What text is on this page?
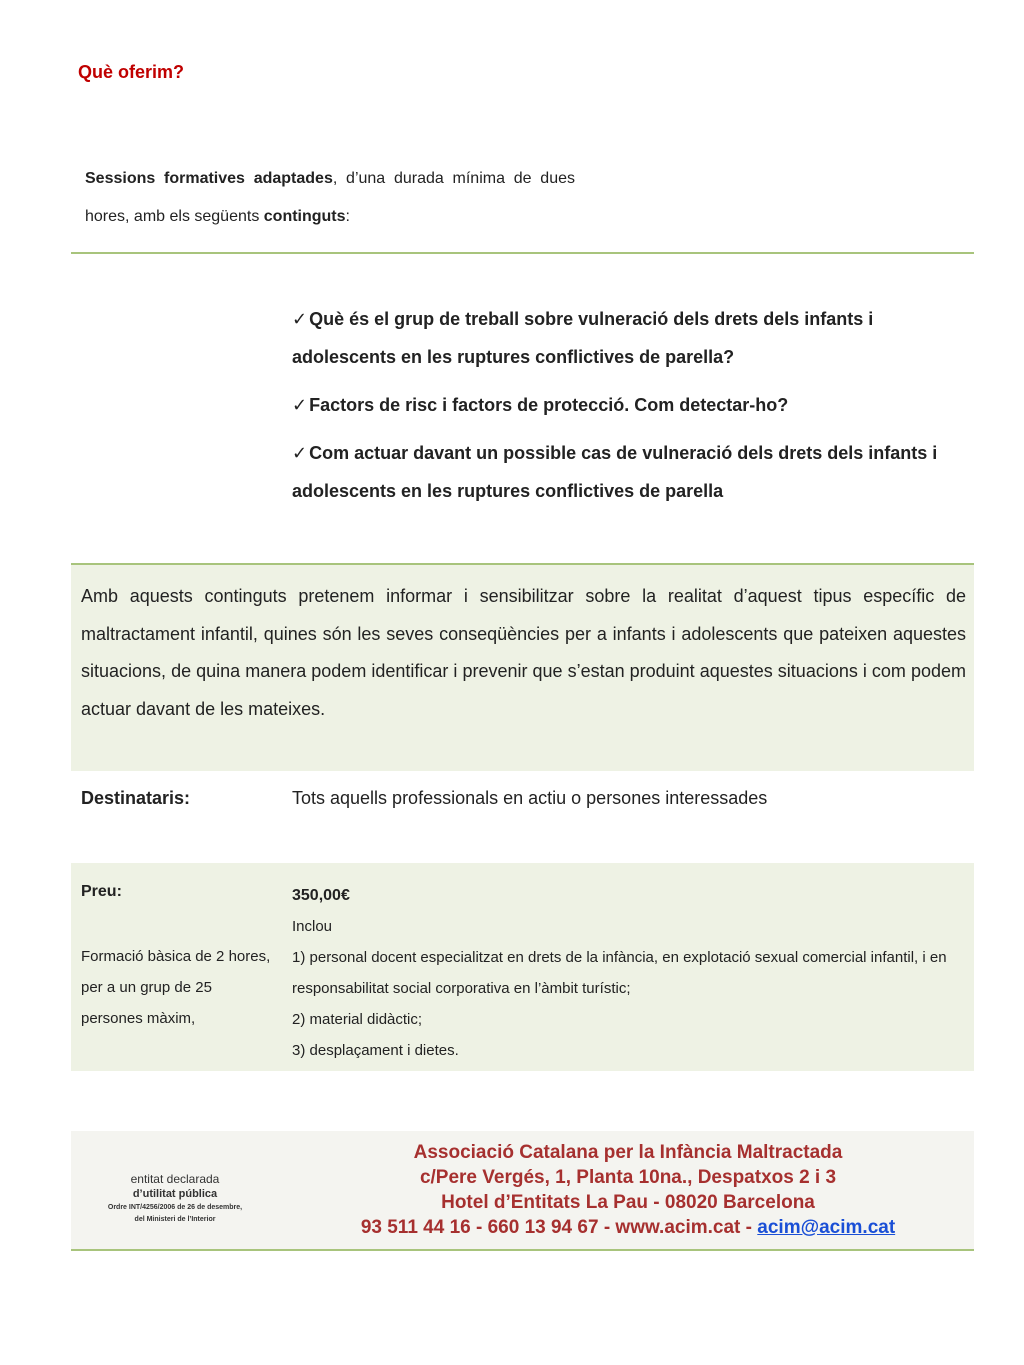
Què oferim?
Sessions formatives adaptades, d’una durada mínima de dues hores, amb els següents continguts:
✓ Què és el grup de treball sobre vulneració dels drets dels infants i adolescents en les ruptures conflictives de parella?
✓ Factors de risc i factors de protecció. Com detectar-ho?
✓ Com actuar davant un possible cas de vulneració dels drets dels infants i adolescents en les ruptures conflictives de parella
Amb aquests continguts pretenem informar i sensibilitzar sobre la realitat d’aquest tipus específic de maltractament infantil, quines són les seves conseqüències per a infants i adolescents que pateixen aquestes situacions, de quina manera podem identificar i prevenir que s’estan produint aquestes situacions i com podem actuar davant de les mateixes.
Destinataris:	Tots aquells professionals en actiu o persones interessades
Preu:
Formació bàsica de 2 hores, per a un grup de 25 persones màxim,
350,00€
Inclou
1) personal docent especialitzat en drets de la infància, en explotació sexual comercial infantil, i en responsabilitat social corporativa en l’àmbit turístic;
2) material didàctic;
3) desplaçament i dietes.
entitat declarada
d’utilitat pública
Ordre INT/4256/2006 de 26 de desembre,
del Ministeri de l’Interior
Associació Catalana per la Infància Maltractada
c/Pere Vergés, 1, Planta 10na., Despatxos 2 i 3
Hotel d’Entitats La Pau - 08020 Barcelona
93 511 44 16 - 660 13 94 67 - www.acim.cat - acim@acim.cat
